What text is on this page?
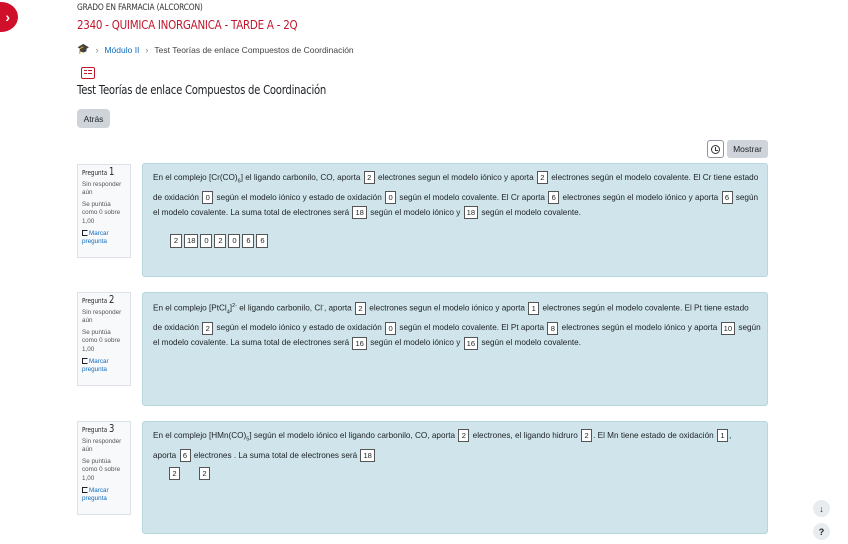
›
GRADO EN FARMACIA (ALCORCON)
2340 - QUIMICA INORGANICA - TARDE A - 2Q
🎓 › Módulo II › Test Teorías de enlace Compuestos de Coordinación
Test Teorías de enlace Compuestos de Coordinación
Atrás
Mostrar
Pregunta 1
Sin responder aún
Se puntúa como 0 sobre 1,00
Marcar pregunta
En el complejo $[Cr(CO)_6]$ el ligando carbonilo, CO, aporta 2 electrones segun el modelo iónico y aporta 2 electrones según el modelo covalente. El Cr tiene estado
de oxidación 0 según el modelo iónico y estado de oxidación 0 según el modelo covalente. El Cr aporta 6 electrones según el modelo iónico y aporta 6 según
el modelo covalente. La suma total de electrones será 18 según el modelo iónico y 18 según el modelo covalente.
2	18	0	2	0	6	6
Pregunta 2
Sin responder aún
Se puntúa como 0 sobre 1,00
Marcar pregunta
En el complejo [PtCl$_4$]$^{2-}$ el ligando carbonilo, Cl-, aporta 2 electrones segun el modelo iónico y aporta 1 electrones según el modelo covalente. El Pt tiene estado
de oxidación 2 según el modelo iónico y estado de oxidación 0 según el modelo covalente. El Pt aporta 8 electrones según el modelo iónico y aporta 10 según
el modelo covalente. La suma total de electrones será 16 según el modelo iónico y 16 según el modelo covalente.
Pregunta 3
Sin responder aún
Se puntúa como 0 sobre 1,00
Marcar pregunta
En el complejo $[HMn(CO)_5]$ según el modelo iónico el ligando carbonilo, CO, aporta 2 electrones, el ligando hidruro 2 . El Mn tiene estado de oxidación 1 ,
aporta 6 electrones . La suma total de electrones será 18
2	2
↓
?
